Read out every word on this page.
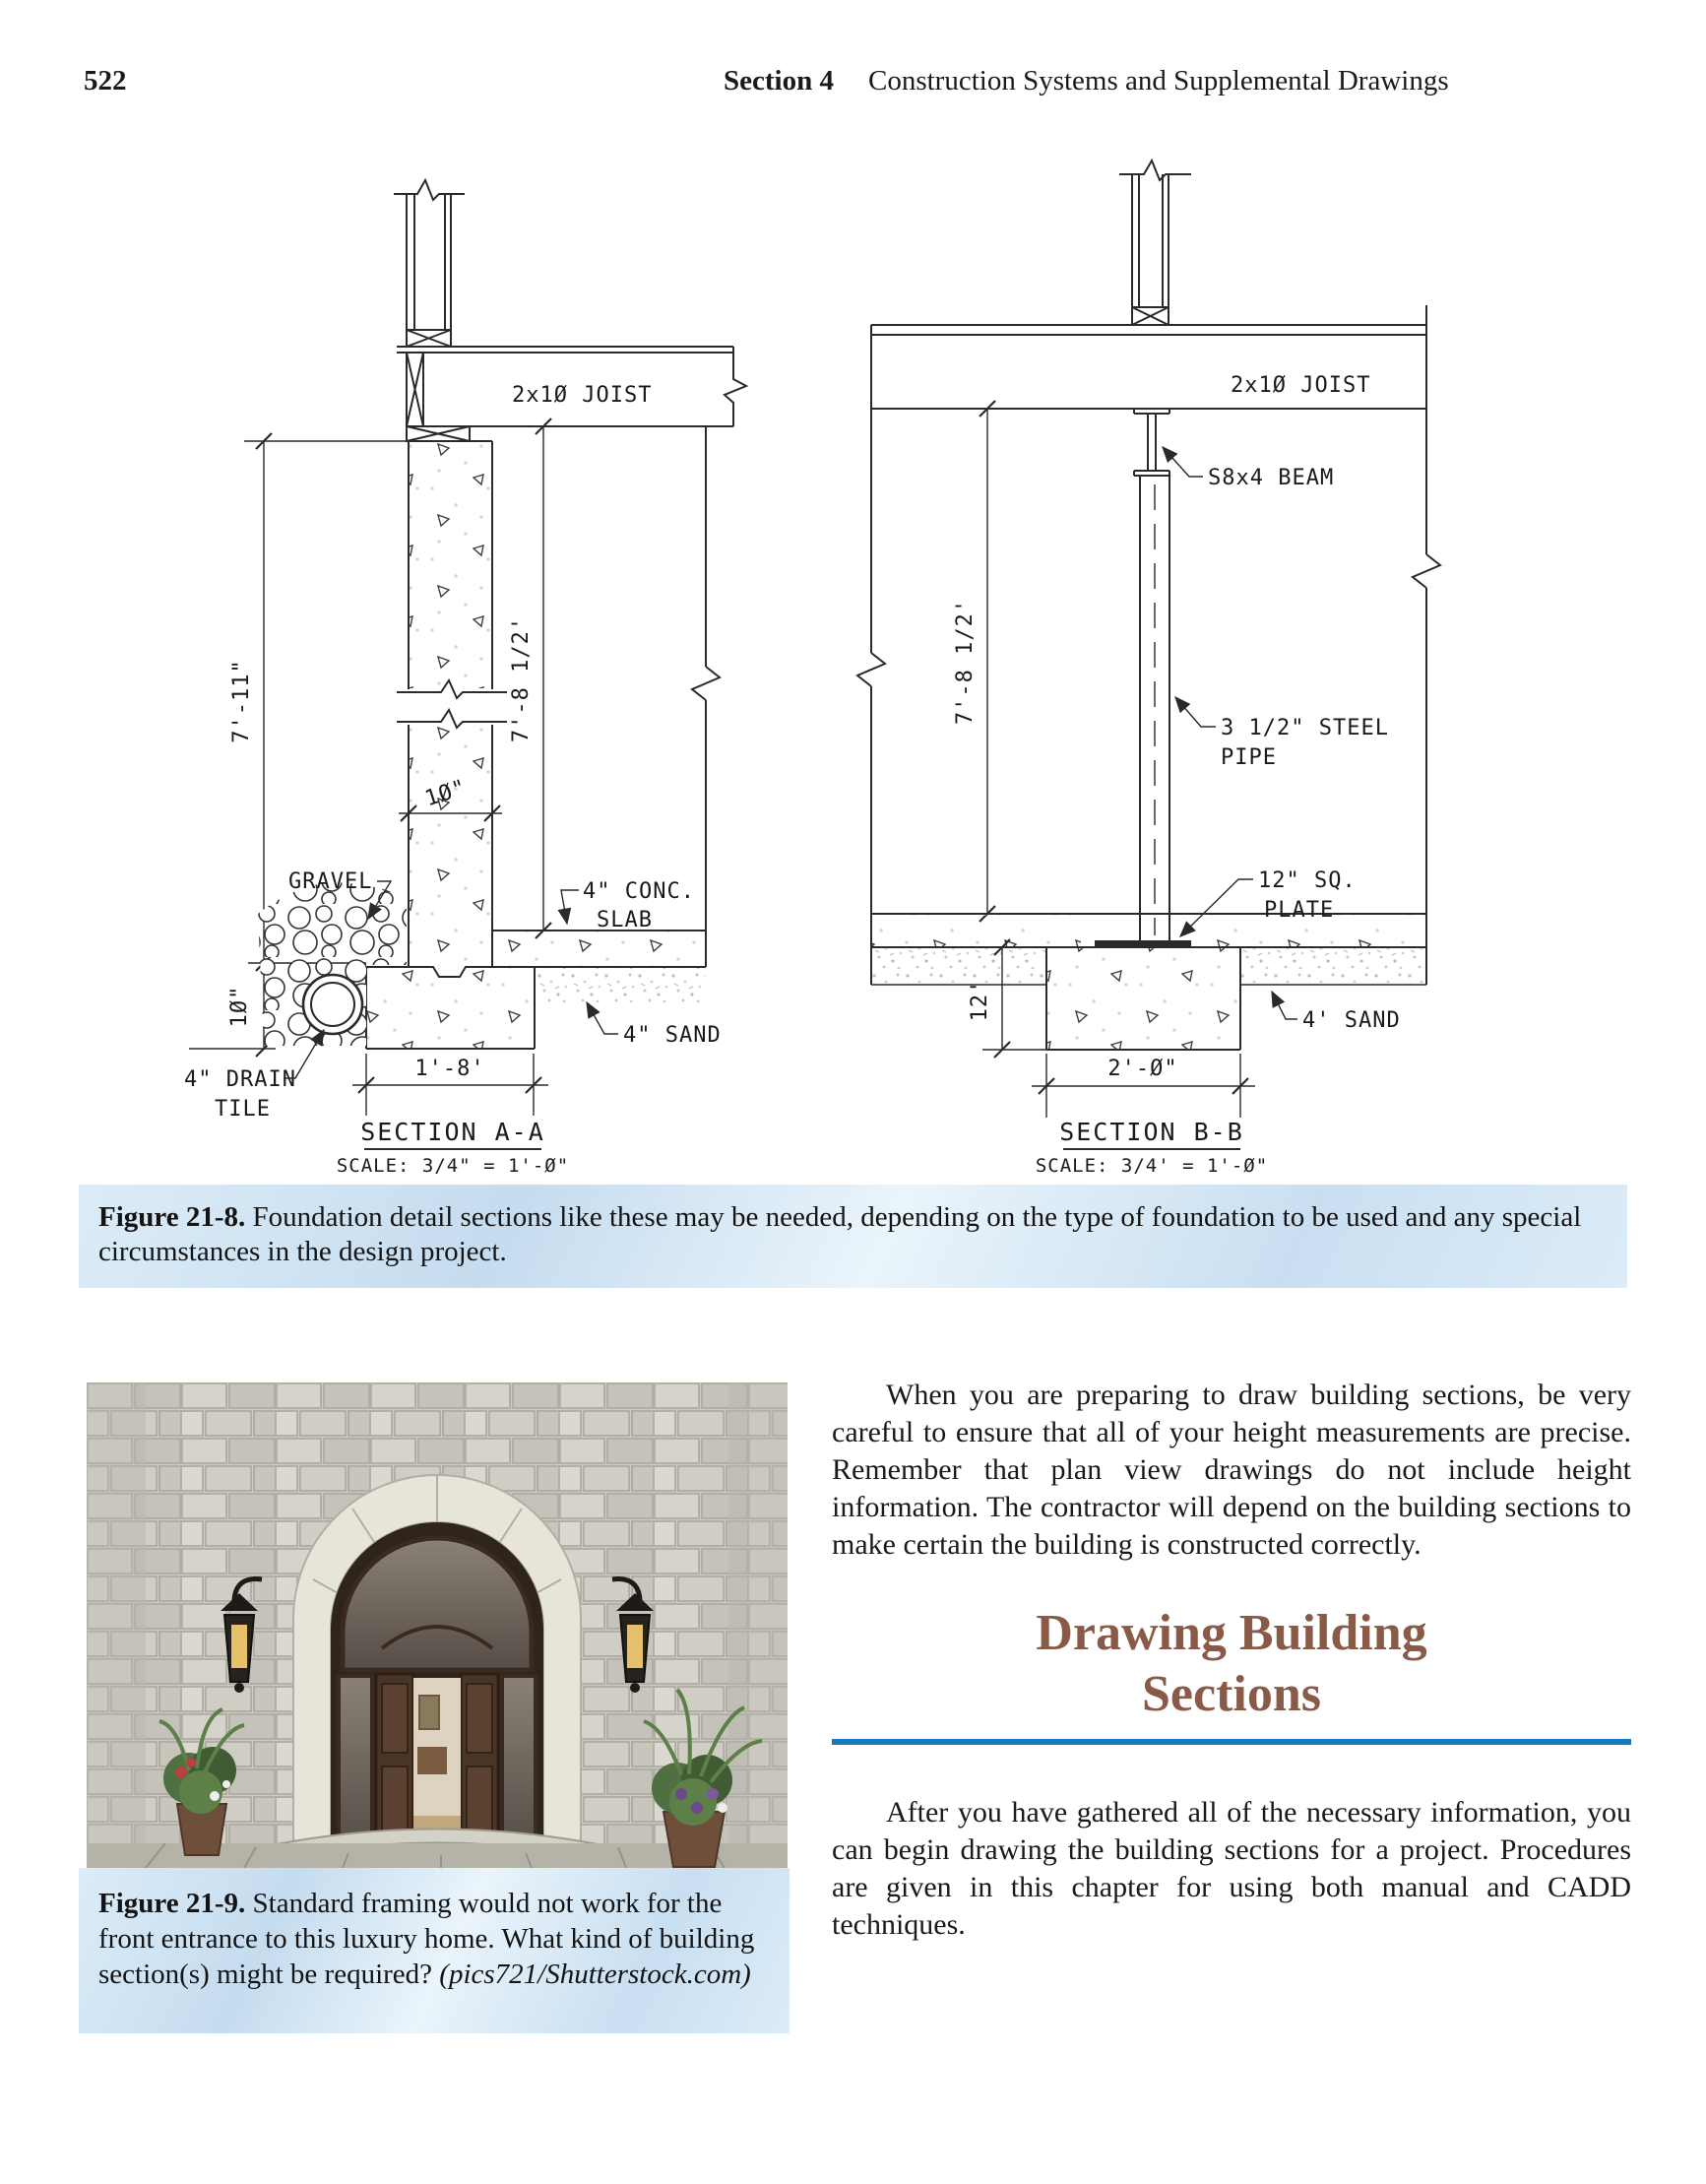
522	Section 4 Construction Systems and Supplemental Drawings
7'-11"
1Ø"
7'-8 1/2'
1Ø"
GRAVEL	4" CONC.
SLAB
4" SAND
4" DRAIN
TILE
1'-8'
SECTION A-A
SCALE: 3/4" = 1'-Ø"
2x1Ø JOIST	2x1Ø JOIST
7'-8 1/2'
12'
2'-Ø"
S8x4 BEAM
3 1/2" STEEL
PIPE
12" SQ.
PLATE
4' SAND
SECTION B-B
SCALE: 3/4' = 1'-Ø"
Figure 21-8. Foundation detail sections like these may be needed, depending on the type of foundation to be used and any special circumstances in the design project.
Figure 21-9. Standard framing would not work for the front entrance to this luxury home. What kind of building section(s) might be required? (pics721/Shutterstock.com)

When you are preparing to draw building sections, be very careful to ensure that all of your height measurements are precise. Remember that plan view drawings do not include height information. The contractor will depend on the building sections to make certain the building is constructed correctly.

Drawing Building
Sections

After you have gathered all of the necessary information, you can begin drawing the building sections for a project. Procedures are given in this chapter for using both manual and CADD techniques.
